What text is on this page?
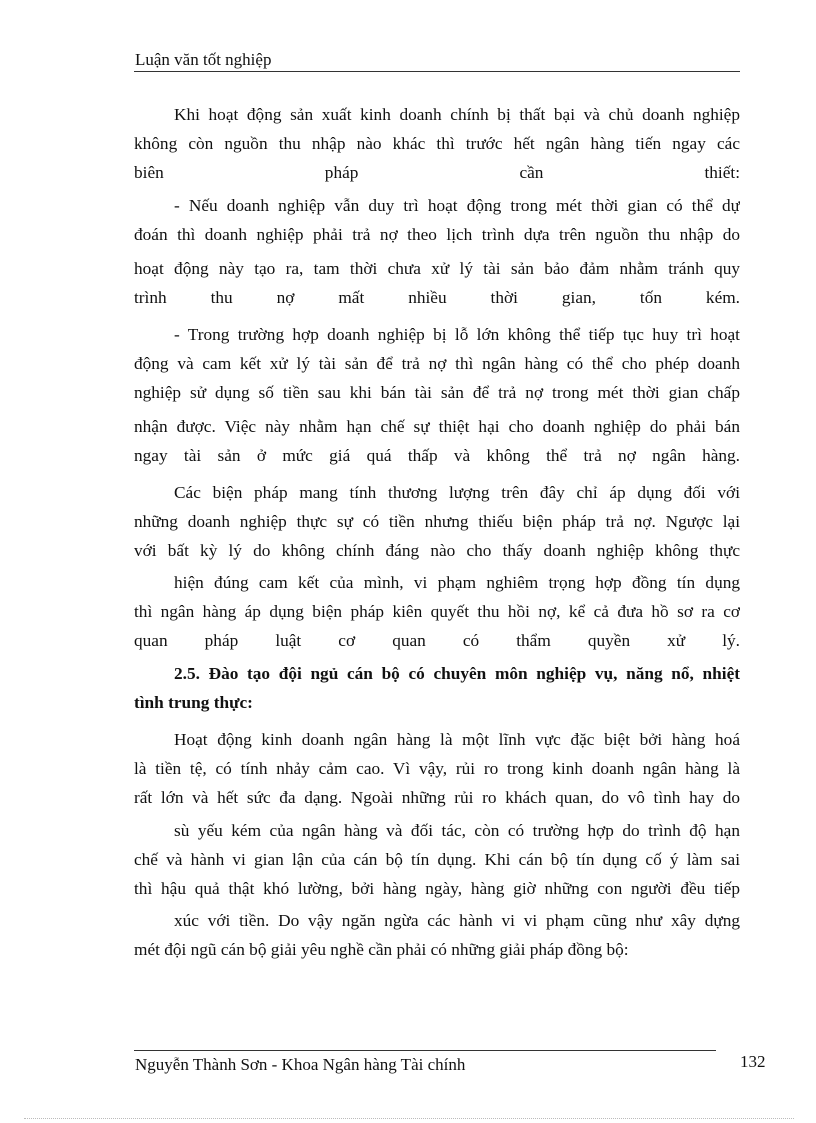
Luận văn tốt nghiệp
Khi hoạt động sản xuất kinh doanh chính bị thất bại và chủ doanh nghiệp
không còn nguồn thu nhập nào khác thì trước hết ngân hàng tiến ngay các
biên pháp cần thiết:
- Nếu doanh nghiệp vẫn duy trì hoạt động trong mét thời gian có thể dự
đoán thì doanh nghiệp phải trả nợ theo lịch trình dựa trên nguồn thu nhập do
hoạt động này tạo ra, tam thời chưa xử lý tài sản bảo đảm nhằm tránh quy
trình thu nợ mất nhiều thời gian, tốn kém.
- Trong trường hợp doanh nghiệp bị lỗ lớn không thể tiếp tục huy trì hoạt
động và cam kết xử lý tài sản để trả nợ thì ngân hàng có thể cho phép doanh
nghiệp sử dụng số tiền sau khi bán tài sản để trả nợ trong mét thời gian chấp
nhận được. Việc này nhằm hạn chế sự thiệt hại cho doanh nghiệp do phải bán
ngay tài sản ở mức giá quá thấp và không thể trả nợ ngân hàng.
Các biện pháp mang tính thương lượng trên đây chỉ áp dụng đối với
những doanh nghiệp thực sự có tiền nhưng thiếu biện pháp trả nợ. Ngược lại
với bất kỳ lý do không chính đáng nào cho thấy doanh nghiệp không thực
hiện đúng cam kết của mình, vi phạm nghiêm trọng hợp đồng tín dụng
thì ngân hàng áp dụng biện pháp kiên quyết thu hồi nợ, kể cả đưa hồ sơ ra cơ
quan pháp luật cơ quan có thẩm quyền xử lý.
2.5. Đào tạo đội ngủ cán bộ có chuyên môn nghiệp vụ, năng nổ, nhiệt
tình trung thực:
Hoạt động kinh doanh ngân hàng là một lĩnh vực đặc biệt bởi hàng hoá
là tiền tệ, có tính nhảy cảm cao. Vì vậy, rủi ro trong kinh doanh ngân hàng là
rất lớn và hết sức đa dạng. Ngoài những rủi ro khách quan, do vô tình hay do
sù yếu kém của ngân hàng và đối tác, còn có trường hợp do trình độ hạn
chế và hành vi gian lận của cán bộ tín dụng. Khi cán bộ tín dụng cố ý làm sai
thì hậu quả thật khó lường, bởi hàng ngày, hàng giờ những con người đều tiếp
xúc với tiền. Do vậy ngăn ngừa các hành vi vi phạm cũng như xây dựng
mét đội ngũ cán bộ giải yêu nghề cần phải có những giải pháp đồng bộ:
Nguyễn Thành Sơn - Khoa Ngân hàng Tài chính	132
